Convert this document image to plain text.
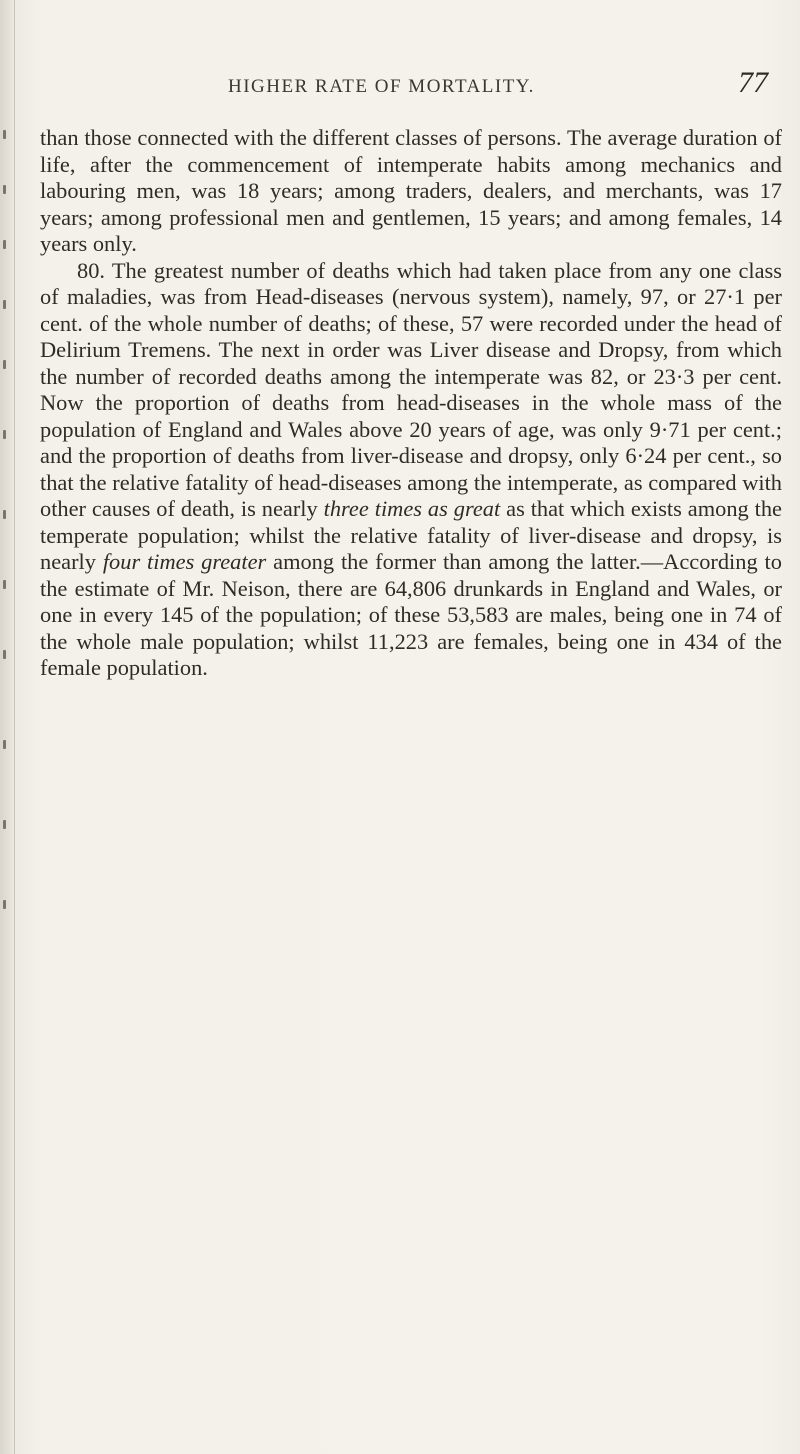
HIGHER RATE OF MORTALITY.	77

than those connected with the different classes of persons. The average duration of life, after the commencement of intemperate habits among mechanics and labouring men, was 18 years; among traders, dealers, and merchants, was 17 years; among professional men and gentlemen, 15 years; and among females, 14 years only.

80. The greatest number of deaths which had taken place from any one class of maladies, was from Head-diseases (nervous system), namely, 97, or 27·1 per cent. of the whole number of deaths; of these, 57 were recorded under the head of Delirium Tremens. The next in order was Liver disease and Dropsy, from which the number of recorded deaths among the intemperate was 82, or 23·3 per cent. Now the proportion of deaths from head-diseases in the whole mass of the population of England and Wales above 20 years of age, was only 9·71 per cent.; and the proportion of deaths from liver-disease and dropsy, only 6·24 per cent., so that the relative fatality of head-diseases among the intemperate, as compared with other causes of death, is nearly three times as great as that which exists among the temperate population; whilst the relative fatality of liver-disease and dropsy, is nearly four times greater among the former than among the latter.—According to the estimate of Mr. Neison, there are 64,806 drunkards in England and Wales, or one in every 145 of the population; of these 53,583 are males, being one in 74 of the whole male population; whilst 11,223 are females, being one in 434 of the female population.
